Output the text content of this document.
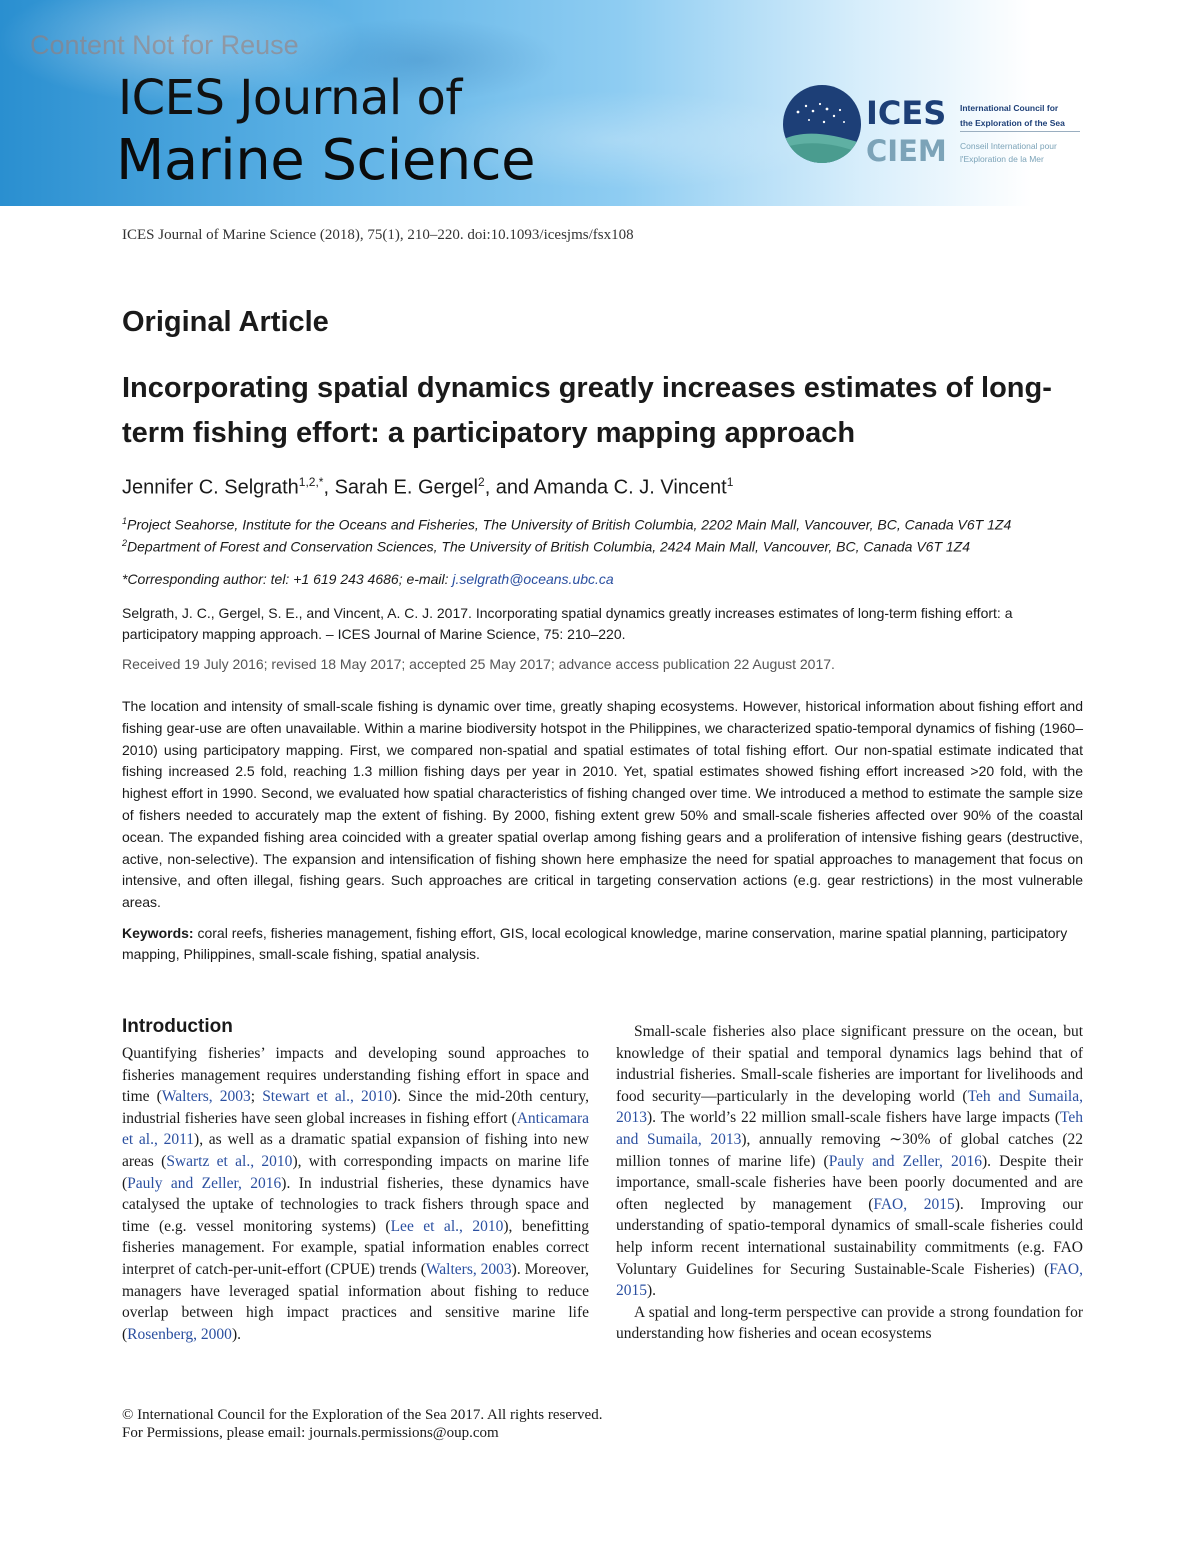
Content Not for Reuse
ICES Journal of
Marine Science
ICES
CIEM
International Council for
the Exploration of the Sea
Conseil International pour
l'Exploration de la Mer
ICES Journal of Marine Science (2018), 75(1), 210–220. doi:10.1093/icesjms/fsx108
Original Article
Incorporating spatial dynamics greatly increases estimates of long-term fishing effort: a participatory mapping approach
Jennifer C. Selgrath$^{1,2,*}$, Sarah E. Gergel$^2$, and Amanda C. J. Vincent$^1$
$^1$Project Seahorse, Institute for the Oceans and Fisheries, The University of British Columbia, 2202 Main Mall, Vancouver, BC, Canada V6T 1Z4
$^2$Department of Forest and Conservation Sciences, The University of British Columbia, 2424 Main Mall, Vancouver, BC, Canada V6T 1Z4
*Corresponding author: tel: +1 619 243 4686; e-mail: j.selgrath@oceans.ubc.ca
Selgrath, J. C., Gergel, S. E., and Vincent, A. C. J. 2017. Incorporating spatial dynamics greatly increases estimates of long-term fishing effort: a participatory mapping approach. – ICES Journal of Marine Science, 75: 210–220.
Received 19 July 2016; revised 18 May 2017; accepted 25 May 2017; advance access publication 22 August 2017.
The location and intensity of small-scale fishing is dynamic over time, greatly shaping ecosystems. However, historical information about fishing effort and fishing gear-use are often unavailable. Within a marine biodiversity hotspot in the Philippines, we characterized spatio-temporal dynamics of fishing (1960–2010) using participatory mapping. First, we compared non-spatial and spatial estimates of total fishing effort. Our non-spatial estimate indicated that fishing increased 2.5 fold, reaching 1.3 million fishing days per year in 2010. Yet, spatial estimates showed fishing effort increased >20 fold, with the highest effort in 1990. Second, we evaluated how spatial characteristics of fishing changed over time. We introduced a method to estimate the sample size of fishers needed to accurately map the extent of fishing. By 2000, fishing extent grew 50% and small-scale fisheries affected over 90% of the coastal ocean. The expanded fishing area coincided with a greater spatial overlap among fishing gears and a proliferation of intensive fishing gears (destructive, active, non-selective). The expansion and intensification of fishing shown here emphasize the need for spatial approaches to management that focus on intensive, and often illegal, fishing gears. Such approaches are critical in targeting conservation actions (e.g. gear restrictions) in the most vulnerable areas.
Keywords: coral reefs, fisheries management, fishing effort, GIS, local ecological knowledge, marine conservation, marine spatial planning, participatory mapping, Philippines, small-scale fishing, spatial analysis.
Introduction

Quantifying fisheries’ impacts and developing sound approaches to fisheries management requires understanding fishing effort in space and time (Walters, 2003; Stewart et al., 2010). Since the mid-20th century, industrial fisheries have seen global increases in fishing effort (Anticamara et al., 2011), as well as a dramatic spatial expansion of fishing into new areas (Swartz et al., 2010), with corresponding impacts on marine life (Pauly and Zeller, 2016). In industrial fisheries, these dynamics have catalysed the uptake of technologies to track fishers through space and time (e.g. vessel monitoring systems) (Lee et al., 2010), benefitting fisheries management. For example, spatial information enables correct interpret of catch-per-unit-effort (CPUE) trends (Walters, 2003). Moreover, managers have leveraged spatial information about fishing to reduce overlap between high impact practices and sensitive marine life (Rosenberg, 2000).

Small-scale fisheries also place significant pressure on the ocean, but knowledge of their spatial and temporal dynamics lags behind that of industrial fisheries. Small-scale fisheries are important for livelihoods and food security—particularly in the developing world (Teh and Sumaila, 2013). The world’s 22 million small-scale fishers have large impacts (Teh and Sumaila, 2013), annually removing ∼30% of global catches (22 million tonnes of marine life) (Pauly and Zeller, 2016). Despite their importance, small-scale fisheries have been poorly documented and are often neglected by management (FAO, 2015). Improving our understanding of spatio-temporal dynamics of small-scale fisheries could help inform recent international sustainability commitments (e.g. FAO Voluntary Guidelines for Securing Sustainable-Scale Fisheries) (FAO, 2015).

A spatial and long-term perspective can provide a strong foundation for understanding how fisheries and ocean ecosystems

© International Council for the Exploration of the Sea 2017. All rights reserved.
For Permissions, please email: journals.permissions@oup.com
